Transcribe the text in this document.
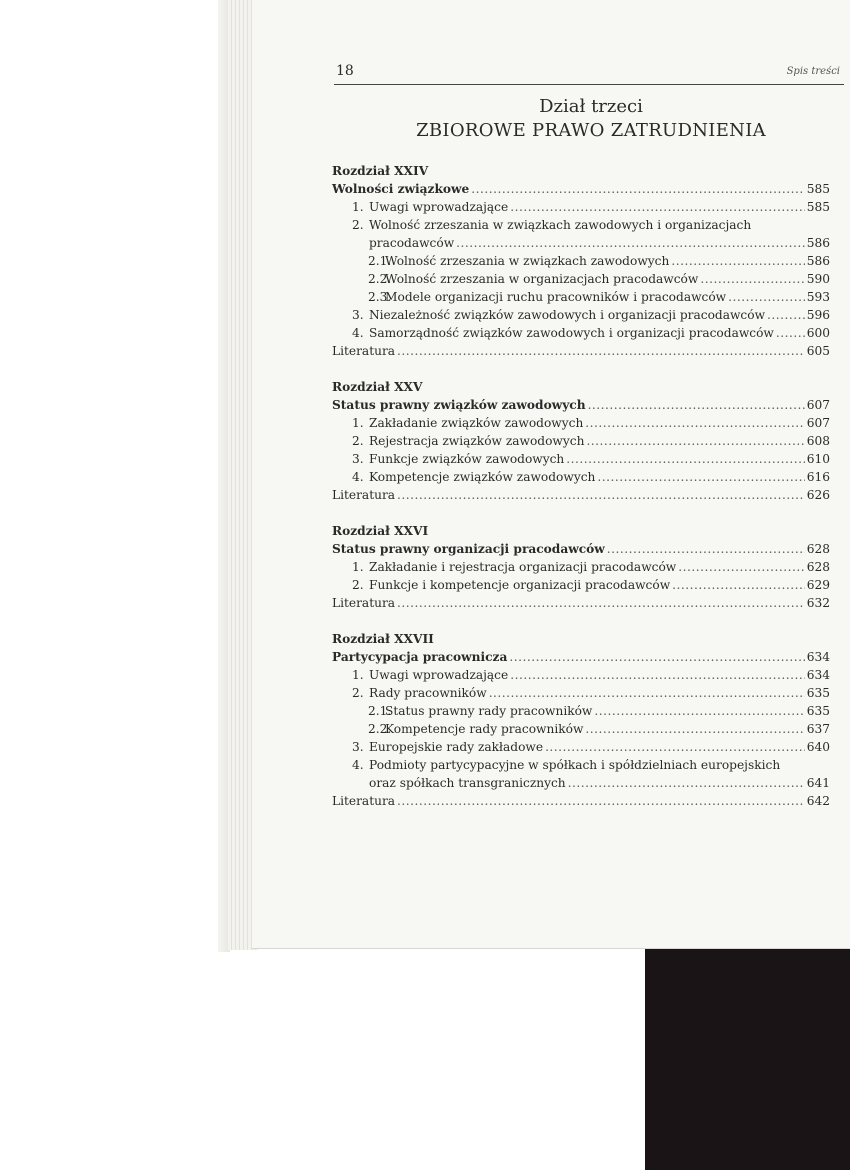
18	Spis treści
Dział trzeci
ZBIOROWE PRAWO ZATRUDNIENIA
Rozdział XXIV
Wolności związkowe .....	585
1. Uwagi wprowadzające .....	585
2. Wolność zrzeszania w związkach zawodowych i organizacjach
pracodawców .....	586
2.1.Wolność zrzeszania w związkach zawodowych .....	586
2.2.Wolność zrzeszania w organizacjach pracodawców .....	590
2.3.Modele organizacji ruchu pracowników i pracodawców .....	593
3. Niezależność związków zawodowych i organizacji pracodawców .....	596
4. Samorządność związków zawodowych i organizacji pracodawców .....	600
Literatura .....	605
Rozdział XXV
Status prawny związków zawodowych .....	607
1. Zakładanie związków zawodowych .....	607
2. Rejestracja związków zawodowych .....	608
3. Funkcje związków zawodowych .....	610
4. Kompetencje związków zawodowych .....	616
Literatura .....	626
Rozdział XXVI
Status prawny organizacji pracodawców .....	628
1. Zakładanie i rejestracja organizacji pracodawców .....	628
2. Funkcje i kompetencje organizacji pracodawców .....	629
Literatura .....	632
Rozdział XXVII
Partycypacja pracownicza .....	634
1. Uwagi wprowadzające .....	634
2. Rady pracowników .....	635
2.1.Status prawny rady pracowników .....	635
2.2.Kompetencje rady pracowników .....	637
3. Europejskie rady zakładowe .....	640
4. Podmioty partycypacyjne w spółkach i spółdzielniach europejskich
oraz spółkach transgranicznych .....	641
Literatura .....	642
